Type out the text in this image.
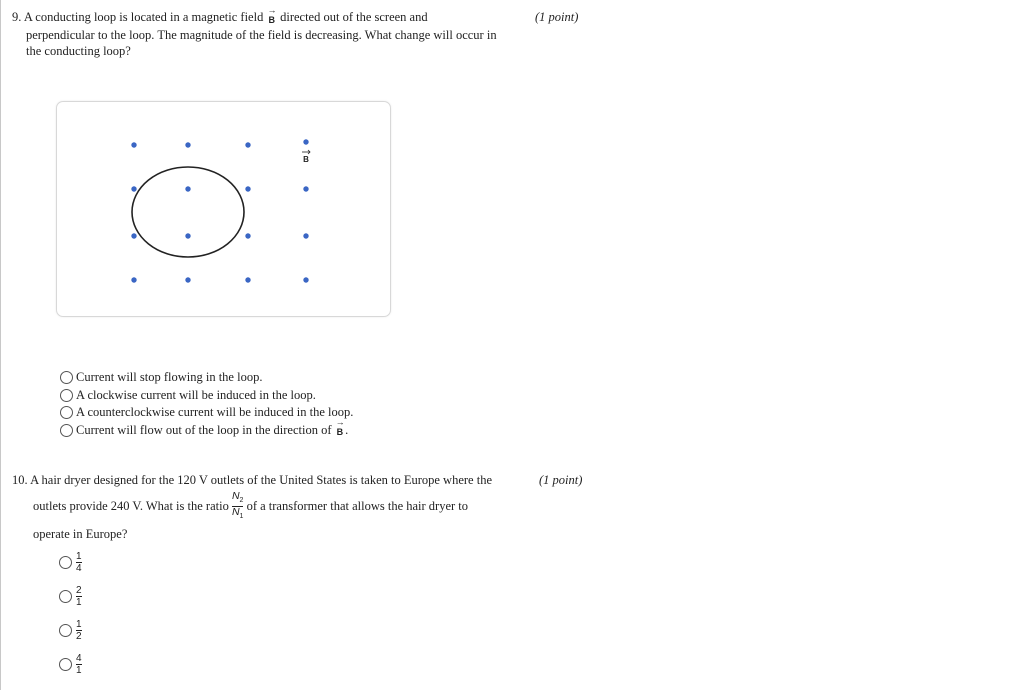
9. A conducting loop is located in a magnetic field → B directed out of the screen and
perpendicular to the loop. The magnitude of the field is decreasing. What change will occur in
the conducting loop?
(1 point)
B
Current will stop flowing in the loop.
A clockwise current will be induced in the loop.
A counterclockwise current will be induced in the loop.
Current will flow out of the loop in the direction of
→ B .
10. A hair dryer designed for the 120 V outlets of the United States is taken to Europe where the	(1 point)
outlets provide 240 V. What is the ratio
$\frac{N_2}{N_1}$
of a transformer that allows the hair dryer to
operate in Europe?
$\frac{1}{4}$
$\frac{2}{1}$
$\frac{1}{2}$
$\frac{4}{1}$
